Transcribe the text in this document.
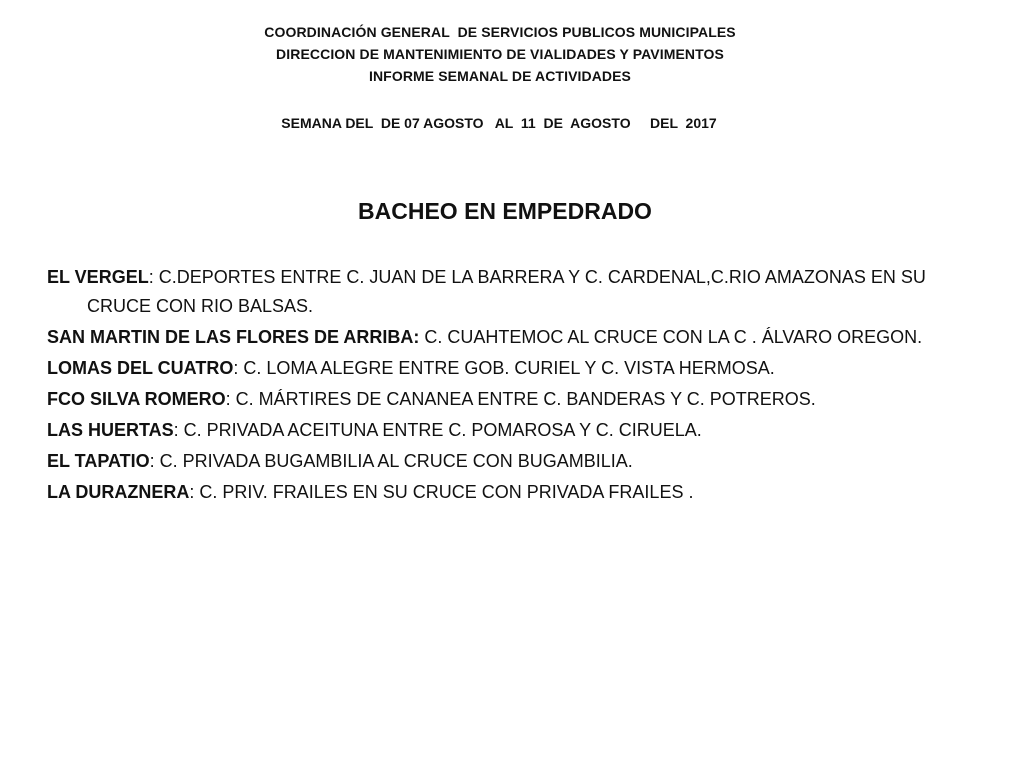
COORDINACIÓN GENERAL  DE SERVICIOS PUBLICOS MUNICIPALES
DIRECCION DE MANTENIMIENTO DE VIALIDADES Y PAVIMENTOS
INFORME SEMANAL DE ACTIVIDADES
SEMANA DEL  DE 07 AGOSTO   AL  11  DE  AGOSTO     DEL  2017
BACHEO EN EMPEDRADO
EL VERGEL: C.DEPORTES ENTRE C. JUAN DE LA BARRERA Y C. CARDENAL,C.RIO AMAZONAS EN SU CRUCE CON RIO BALSAS.
SAN MARTIN DE LAS FLORES DE ARRIBA: C. CUAHTEMOC AL CRUCE CON LA C . ÁLVARO OREGON.
LOMAS DEL CUATRO: C. LOMA ALEGRE ENTRE GOB. CURIEL Y C. VISTA HERMOSA.
FCO SILVA ROMERO: C. MÁRTIRES DE CANANEA ENTRE C. BANDERAS Y C. POTREROS.
LAS HUERTAS: C. PRIVADA ACEITUNA ENTRE C. POMAROSA Y C. CIRUELA.
EL TAPATIO: C. PRIVADA BUGAMBILIA AL CRUCE CON BUGAMBILIA.
LA DURAZNERA: C. PRIV. FRAILES EN SU CRUCE CON PRIVADA FRAILES .
